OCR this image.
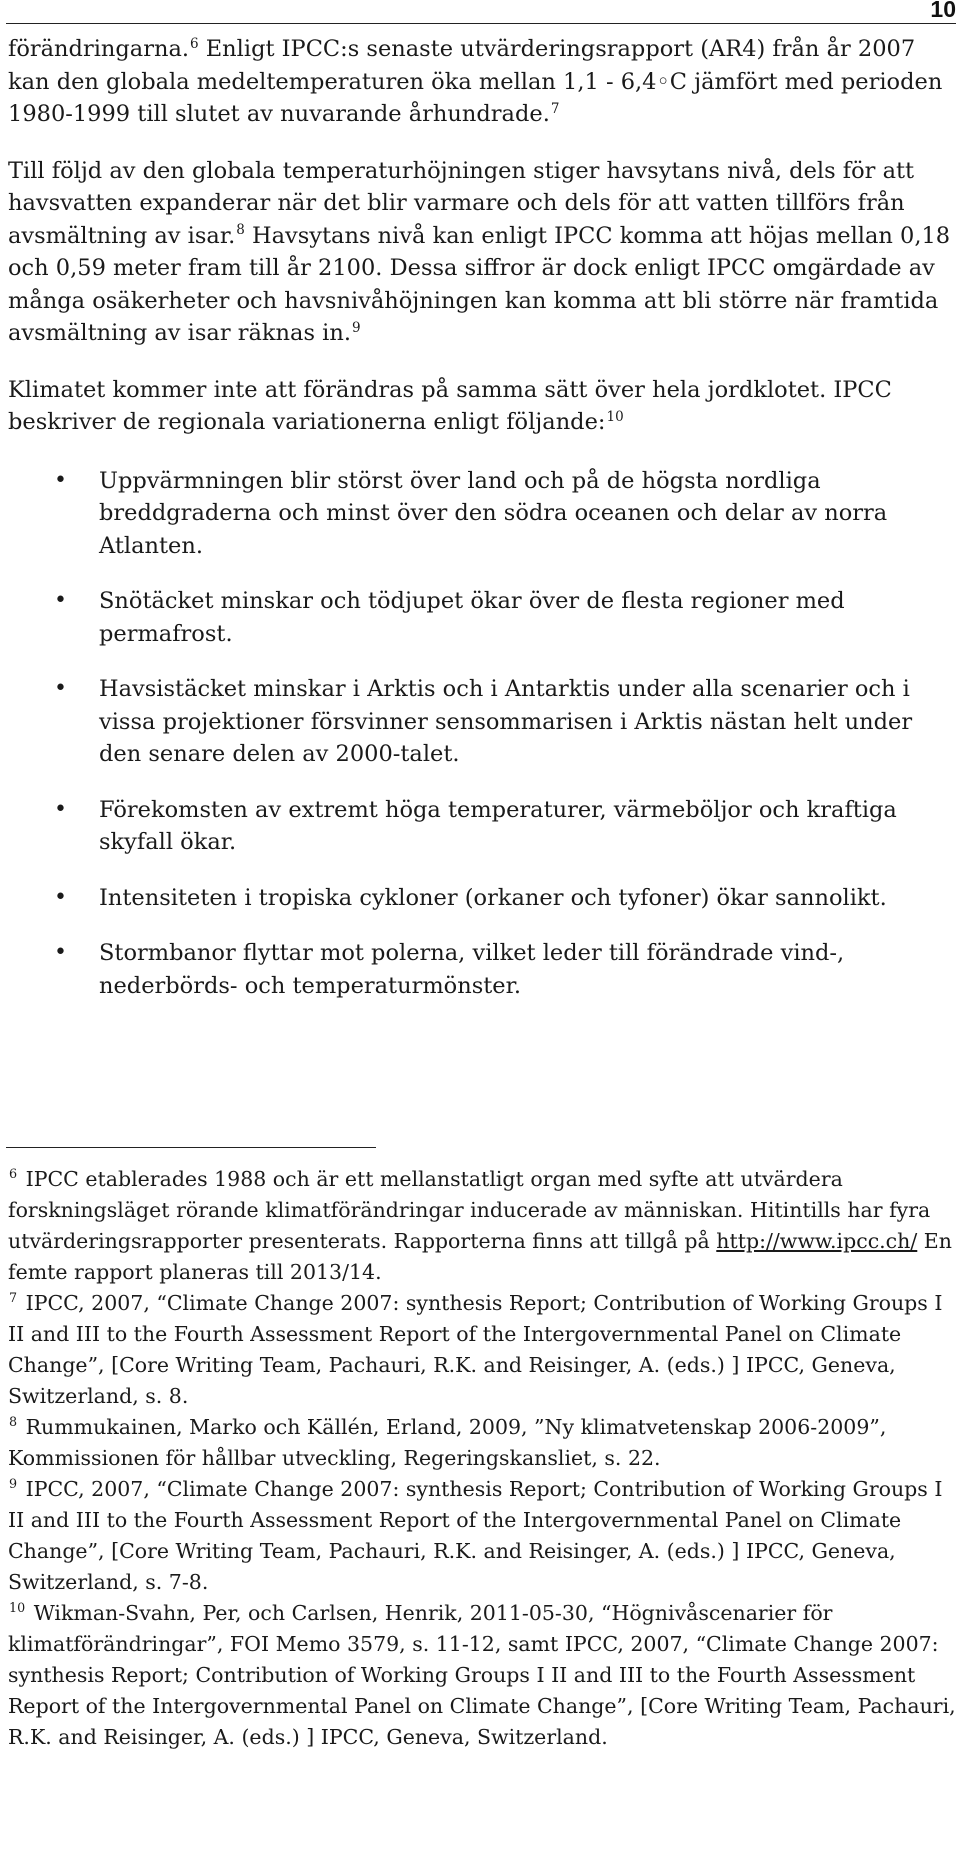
10

förändringarna.$^6$ Enligt IPCC:s senaste utvärderingsrapport (AR4) från år 2007 kan den globala medeltemperaturen öka mellan 1,1 - 6,4◦C jämfört med perioden 1980-1999 till slutet av nuvarande århundrade.$^7$

Till följd av den globala temperaturhöjningen stiger havsytans nivå, dels för att havsvatten expanderar när det blir varmare och dels för att vatten tillförs från avsmältning av isar.$^8$ Havsytans nivå kan enligt IPCC komma att höjas mellan 0,18 och 0,59 meter fram till år 2100. Dessa siffror är dock enligt IPCC omgärdade av många osäkerheter och havsnivåhöjningen kan komma att bli större när framtida avsmältning av isar räknas in.$^9$

Klimatet kommer inte att förändras på samma sätt över hela jordklotet. IPCC beskriver de regionala variationerna enligt följande:$^{10}$

• Uppvärmningen blir störst över land och på de högsta nordliga breddgraderna och minst över den södra oceanen och delar av norra Atlanten.
• Snötäcket minskar och tödjupet ökar över de flesta regioner med permafrost.
• Havsistäcket minskar i Arktis och i Antarktis under alla scenarier och i vissa projektioner försvinner sensommarisen i Arktis nästan helt under den senare delen av 2000-talet.
• Förekomsten av extremt höga temperaturer, värmeböljor och kraftiga skyfall ökar.
• Intensiteten i tropiska cykloner (orkaner och tyfoner) ökar sannolikt.
• Stormbanor flyttar mot polerna, vilket leder till förändrade vind-, nederbörds- och temperaturmönster.

$^6$ IPCC etablerades 1988 och är ett mellanstatligt organ med syfte att utvärdera forskningsläget rörande klimatförändringar inducerade av människan. Hitintills har fyra utvärderingsrapporter presenterats. Rapporterna finns att tillgå på http://www.ipcc.ch/ En femte rapport planeras till 2013/14.

$^7$ IPCC, 2007, “Climate Change 2007: synthesis Report; Contribution of Working Groups I II and III to the Fourth Assessment Report of the Intergovernmental Panel on Climate Change”, [Core Writing Team, Pachauri, R.K. and Reisinger, A. (eds.) ] IPCC, Geneva, Switzerland, s. 8.

$^8$ Rummukainen, Marko och Källén, Erland, 2009, ”Ny klimatvetenskap 2006-2009”, Kommissionen för hållbar utveckling, Regeringskansliet, s. 22.

$^9$ IPCC, 2007, “Climate Change 2007: synthesis Report; Contribution of Working Groups I II and III to the Fourth Assessment Report of the Intergovernmental Panel on Climate Change”, [Core Writing Team, Pachauri, R.K. and Reisinger, A. (eds.) ] IPCC, Geneva, Switzerland, s. 7-8.

$^{10}$ Wikman-Svahn, Per, och Carlsen, Henrik, 2011-05-30, “Högnivåscenarier för klimatförändringar”, FOI Memo 3579, s. 11-12, samt IPCC, 2007, “Climate Change 2007: synthesis Report; Contribution of Working Groups I II and III to the Fourth Assessment Report of the Intergovernmental Panel on Climate Change”, [Core Writing Team, Pachauri, R.K. and Reisinger, A. (eds.) ] IPCC, Geneva, Switzerland.
